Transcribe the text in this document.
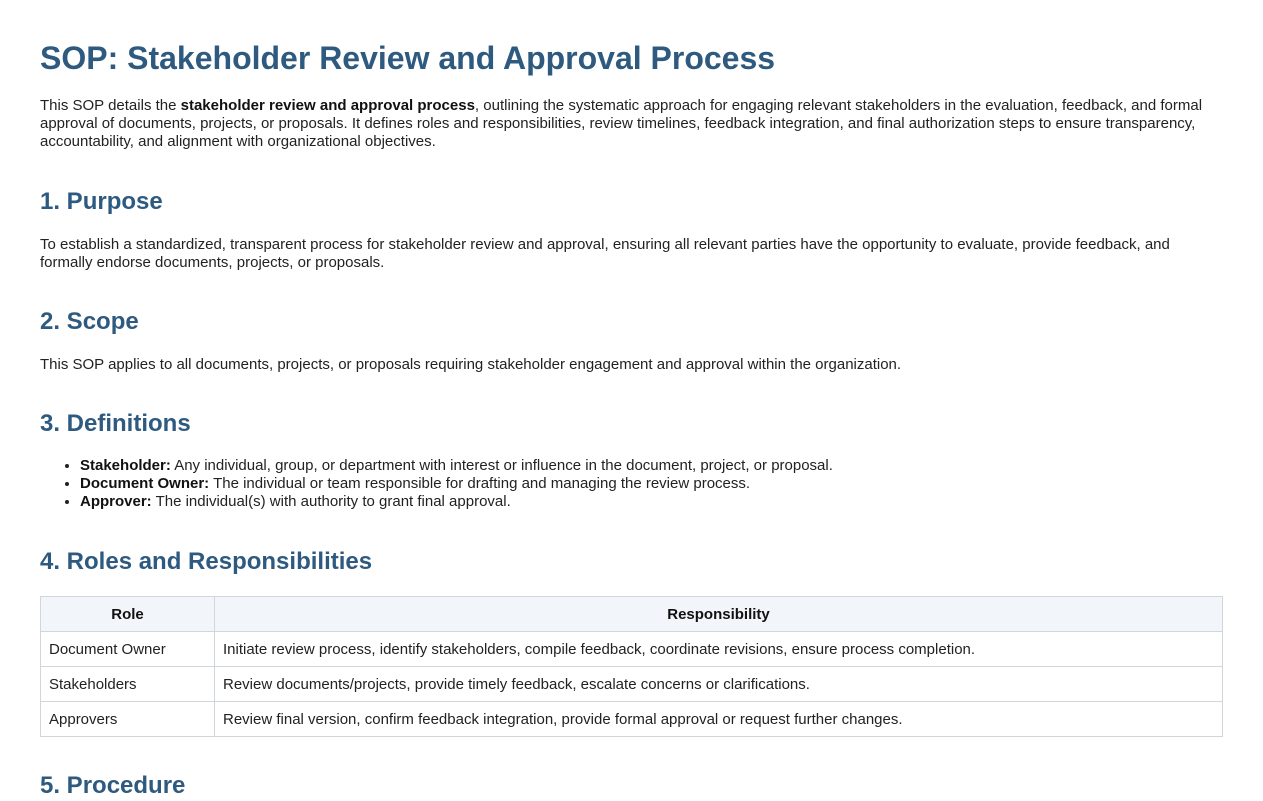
SOP: Stakeholder Review and Approval Process

This SOP details the stakeholder review and approval process, outlining the systematic approach for engaging relevant stakeholders in the evaluation, feedback, and formal approval of documents, projects, or proposals. It defines roles and responsibilities, review timelines, feedback integration, and final authorization steps to ensure transparency, accountability, and alignment with organizational objectives.

1. Purpose

To establish a standardized, transparent process for stakeholder review and approval, ensuring all relevant parties have the opportunity to evaluate, provide feedback, and formally endorse documents, projects, or proposals.

2. Scope

This SOP applies to all documents, projects, or proposals requiring stakeholder engagement and approval within the organization.

3. Definitions
• Stakeholder: Any individual, group, or department with interest or influence in the document, project, or proposal.
• Document Owner: The individual or team responsible for drafting and managing the review process.
• Approver: The individual(s) with authority to grant final approval.
4. Roles and Responsibilities
Role	Responsibility
Document Owner	Initiate review process, identify stakeholders, compile feedback, coordinate revisions, ensure process completion.
Stakeholders	Review documents/projects, provide timely feedback, escalate concerns or clarifications.
Approvers	Review final version, confirm feedback integration, provide formal approval or request further changes.
5. Procedure
